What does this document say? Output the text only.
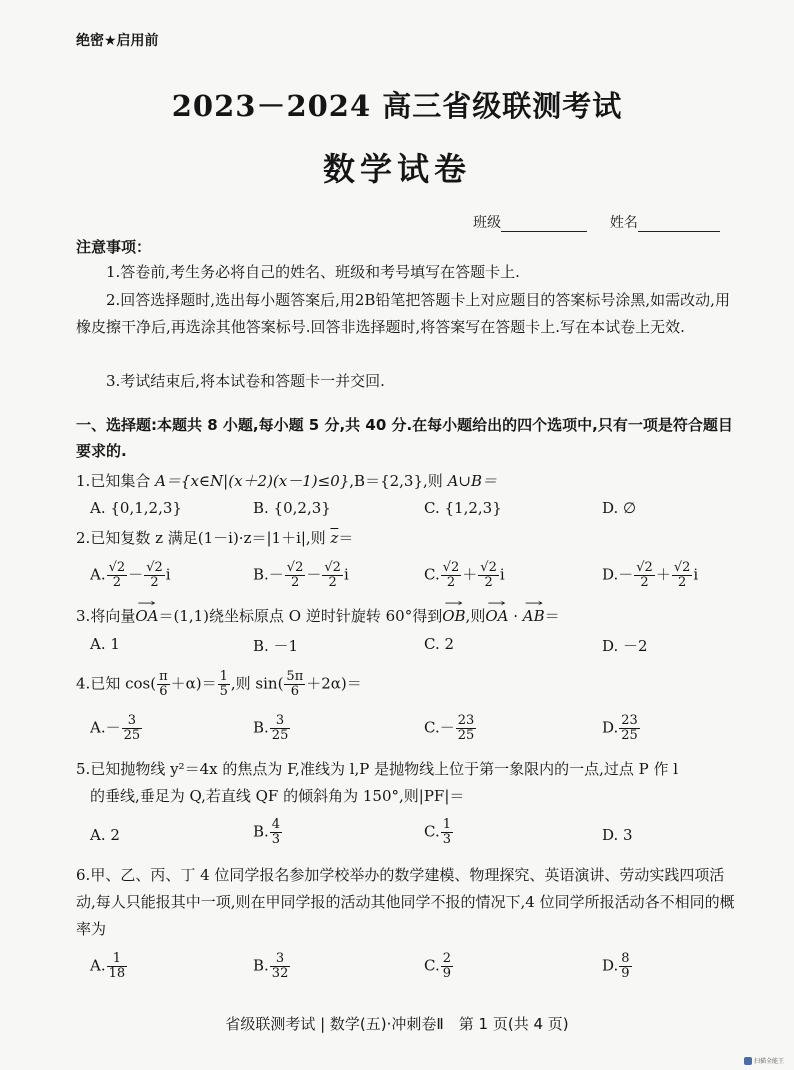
绝密★启用前
2023－2024 高三省级联测考试
数学试卷
班级	姓名
注意事项：
1.答卷前,考生务必将自己的姓名、班级和考号填写在答题卡上.
2.回答选择题时,选出每小题答案后,用2B铅笔把答题卡上对应题目的答案标号涂黑,如需改动,用橡皮擦干净后,再选涂其他答案标号.回答非选择题时,将答案写在答题卡上.写在本试卷上无效.
3.考试结束后,将本试卷和答题卡一并交回.
一、选择题:本题共 8 小题,每小题 5 分,共 40 分.在每小题给出的四个选项中,只有一项是符合题目要求的.
1.已知集合 A＝{x∈N|(x＋2)(x－1)≤0},B＝{2,3},则 A∪B＝
A. {0,1,2,3}	B. {0,2,3}	C. {1,2,3}	D. ∅
2.已知复数 z 满足(1－i)·z＝|1＋i|,则 $\overline{z}=$
A. $\frac{√2}{2} - \frac{√2}{2}$ i	$B.- \frac{√2}{2} - \frac{√2}{2}$ i	C. $\frac{√2}{2} + \frac{√2}{2}$ i	$D.- \frac{√2}{2} + \frac{√2}{2}$ i
3.将向量→ OA＝(1,1)绕坐标原点 O 逆时针旋转 60°得到→ OB,则→ OA · → AB＝
A. 1	B. －1	C. 2	D. －2
4.已知 $\cos( \frac{\pi}{6} +\alpha)= \frac{1}{5}$ ,则 $\sin( \frac{5\pi}{6} +2\alpha)=$
$A.- \frac{3}{25}$	B. $\frac{3}{25}$	$C.- \frac{23}{25}$	D. $\frac{23}{25}$
5.已知抛物线 y²＝4x 的焦点为 F,准线为 l,P 是抛物线上位于第一象限内的一点,过点 P 作 l
的垂线,垂足为 Q,若直线 QF 的倾斜角为 150°,则|PF|＝
A. 2	B. $\frac{4}{3}$	C. $\frac{1}{3}$	D. 3
6.甲、乙、丙、丁 4 位同学报名参加学校举办的数学建模、物理探究、英语演讲、劳动实践四项活动,每人只能报其中一项,则在甲同学报的活动其他同学不报的情况下,4 位同学所报活动各不相同的概率为
A. $\frac{1}{18}$	B. $\frac{3}{32}$	C. $\frac{2}{9}$	D. $\frac{8}{9}$
省级联测考试 | 数学(五)·冲刺卷Ⅱ　第 1 页(共 4 页)
扫描全能王
